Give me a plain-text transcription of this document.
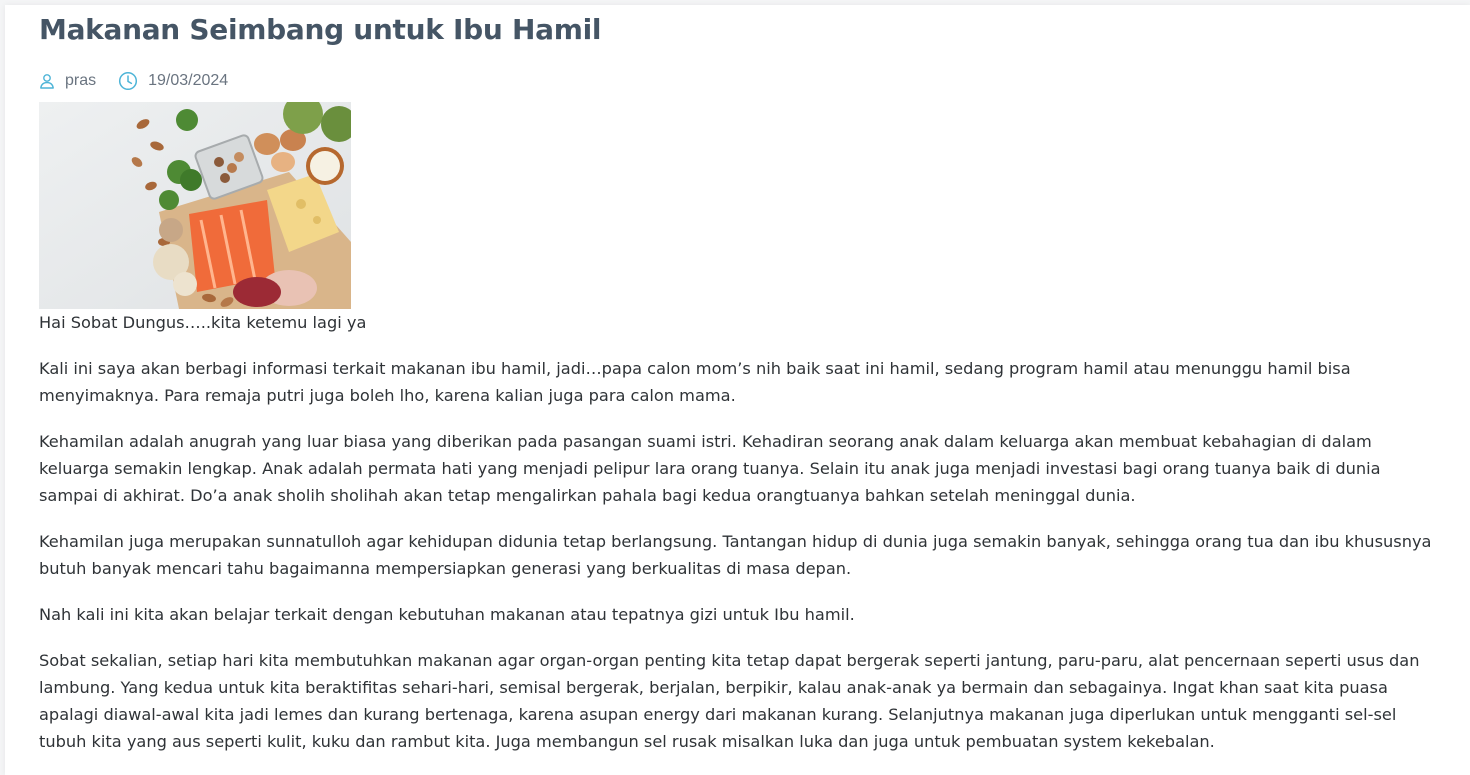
Makanan Seimbang untuk Ibu Hamil
pras	19/03/2024

Hai Sobat Dungus…..kita ketemu lagi ya

Kali ini saya akan berbagi informasi terkait makanan ibu hamil, jadi…papa calon mom’s nih baik saat ini hamil, sedang program hamil atau menunggu hamil bisa menyimaknya. Para remaja putri juga boleh lho, karena kalian juga para calon mama.

Kehamilan adalah anugrah yang luar biasa yang diberikan pada pasangan suami istri. Kehadiran seorang anak dalam keluarga akan membuat kebahagian di dalam keluarga semakin lengkap. Anak adalah permata hati yang menjadi pelipur lara orang tuanya. Selain itu anak juga menjadi investasi bagi orang tuanya baik di dunia sampai di akhirat. Do’a anak sholih sholihah akan tetap mengalirkan pahala bagi kedua orangtuanya bahkan setelah meninggal dunia.

Kehamilan juga merupakan sunnatulloh agar kehidupan didunia tetap berlangsung. Tantangan hidup di dunia juga semakin banyak, sehingga orang tua dan ibu khususnya butuh banyak mencari tahu bagaimanna mempersiapkan generasi yang berkualitas di masa depan.

Nah kali ini kita akan belajar terkait dengan kebutuhan makanan atau tepatnya gizi untuk Ibu hamil.

Sobat sekalian, setiap hari kita membutuhkan makanan agar organ-organ penting kita tetap dapat bergerak seperti jantung, paru-paru, alat pencernaan seperti usus dan lambung. Yang kedua untuk kita beraktifitas sehari-hari, semisal bergerak, berjalan, berpikir, kalau anak-anak ya bermain dan sebagainya. Ingat khan saat kita puasa apalagi diawal-awal kita jadi lemes dan kurang bertenaga, karena asupan energy dari makanan kurang. Selanjutnya makanan juga diperlukan untuk mengganti sel-sel tubuh kita yang aus seperti kulit, kuku dan rambut kita. Juga membangun sel rusak misalkan luka dan juga untuk pembuatan system kekebalan.
